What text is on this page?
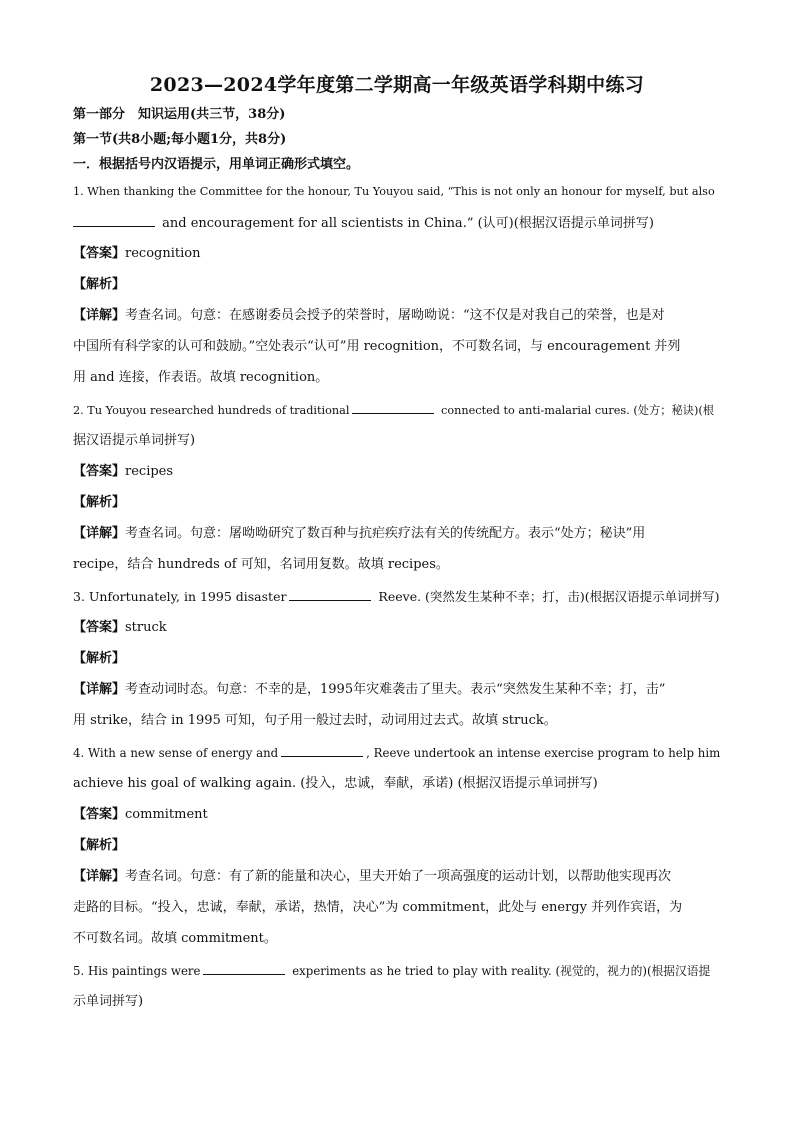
2023—2024学年度第二学期高一年级英语学科期中练习
第一部分　知识运用(共三节，38分)
第一节(共8小题;每小题1分，共8分)
一．根据括号内汉语提示，用单词正确形式填空。
1. When thanking the Committee for the honour, Tu Youyou said, “This is not only an honour for myself, but also
and encouragement for all scientists in China.” (认可)(根据汉语提示单词拼写)
【答案】recognition
【解析】
【详解】考查名词。句意：在感谢委员会授予的荣誉时，屠呦呦说：“这不仅是对我自己的荣誉，也是对
中国所有科学家的认可和鼓励。”空处表示“认可”用 recognition，不可数名词，与 encouragement 并列
用 and 连接，作表语。故填 recognition。
2. Tu Youyou researched hundreds of traditional	connected to anti-malarial cures. (处方；秘诀)(根
据汉语提示单词拼写)
【答案】recipes
【解析】
【详解】考查名词。句意：屠呦呦研究了数百种与抗疟疾疗法有关的传统配方。表示“处方；秘诀”用
recipe，结合 hundreds of 可知，名词用复数。故填 recipes。
3. Unfortunately, in 1995 disaster	Reeve. (突然发生某种不幸；打，击)(根据汉语提示单词拼写)
【答案】struck
【解析】
【详解】考查动词时态。句意：不幸的是，1995年灾难袭击了里夫。表示“突然发生某种不幸；打，击”
用 strike，结合 in 1995 可知，句子用一般过去时，动词用过去式。故填 struck。
4. With a new sense of energy and	, Reeve undertook an intense exercise program to help him
achieve his goal of walking again. (投入，忠诚，奉献，承诺) (根据汉语提示单词拼写)
【答案】commitment
【解析】
【详解】考查名词。句意：有了新的能量和决心，里夫开始了一项高强度的运动计划，以帮助他实现再次
走路的目标。“投入，忠诚，奉献，承诺，热情，决心”为 commitment，此处与 energy 并列作宾语，为
不可数名词。故填 commitment。
5. His paintings were	experiments as he tried to play with reality. (视觉的，视力的)(根据汉语提
示单词拼写)
